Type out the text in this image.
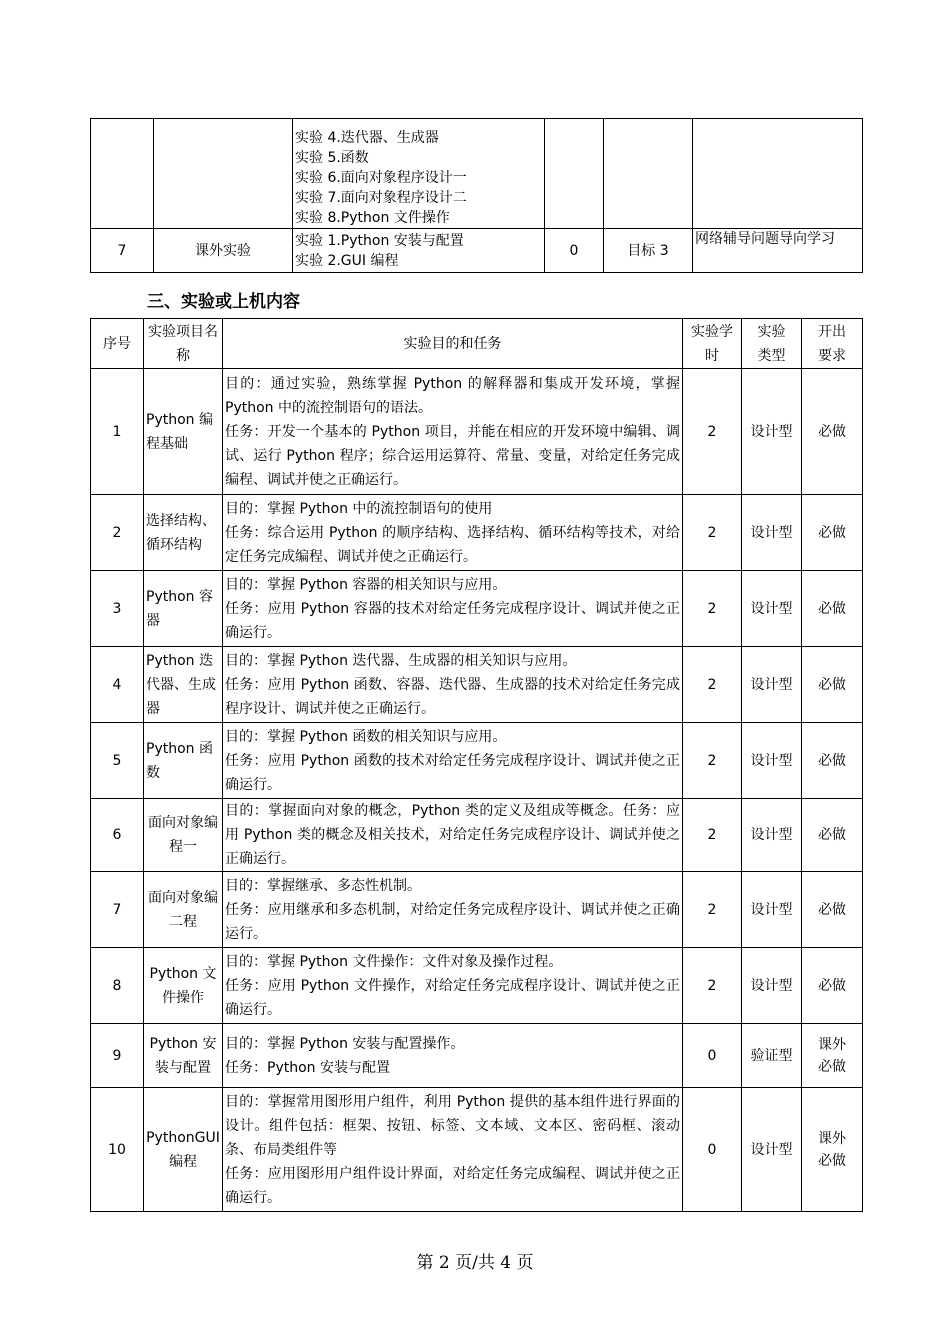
		实验 4.迭代器、生成器
实验 5.函数
实验 6.面向对象程序设计一
实验 7.面向对象程序设计二
实验 8.Python 文件操作			

7	课外实验	实验 1.Python 安装与配置
实验 2.GUI 编程	0	目标 3	网络辅导问题导向学习
三、实验或上机内容
序号	实验项目名称	实验目的和任务	实验学时	实验类型	开出要求
1	Python 编程基础	目的：通过实验，熟练掌握 Python 的解释器和集成开发环境，掌握 Python 中的流控制语句的语法。
任务：开发一个基本的 Python 项目，并能在相应的开发环境中编辑、调试、运行 Python 程序；综合运用运算符、常量、变量，对给定任务完成编程、调试并使之正确运行。	2	设计型	必做
2	选择结构、循环结构	目的：掌握 Python 中的流控制语句的使用
任务：综合运用 Python 的顺序结构、选择结构、循环结构等技术，对给定任务完成编程、调试并使之正确运行。	2	设计型	必做
3	Python 容器	目的：掌握 Python 容器的相关知识与应用。
任务：应用 Python 容器的技术对给定任务完成程序设计、调试并使之正确运行。	2	设计型	必做
4	Python 迭代器、生成器	目的：掌握 Python 迭代器、生成器的相关知识与应用。
任务：应用 Python 函数、容器、迭代器、生成器的技术对给定任务完成程序设计、调试并使之正确运行。	2	设计型	必做
5	Python 函数	目的：掌握 Python 函数的相关知识与应用。
任务：应用 Python 函数的技术对给定任务完成程序设计、调试并使之正确运行。	2	设计型	必做
6	面向对象编程一	目的：掌握面向对象的概念，Python 类的定义及组成等概念。任务：应用 Python 类的概念及相关技术，对给定任务完成程序设计、调试并使之正确运行。	2	设计型	必做
7	面向对象编二程	目的：掌握继承、多态性机制。
任务：应用继承和多态机制，对给定任务完成程序设计、调试并使之正确运行。	2	设计型	必做
8	Python 文件操作	目的：掌握 Python 文件操作：文件对象及操作过程。
任务：应用 Python 文件操作，对给定任务完成程序设计、调试并使之正确运行。	2	设计型	必做
9	Python 安装与配置	目的：掌握 Python 安装与配置操作。
任务：Python 安装与配置	0	验证型	课外必做
10	PythonGUI 编程	目的：掌握常用图形用户组件，利用 Python 提供的基本组件进行界面的设计。组件包括：框架、按钮、标签、文本域、文本区、密码框、滚动条、布局类组件等
任务：应用图形用户组件设计界面，对给定任务完成编程、调试并使之正确运行。	0	设计型	课外必做
第 2 页/共 4 页
